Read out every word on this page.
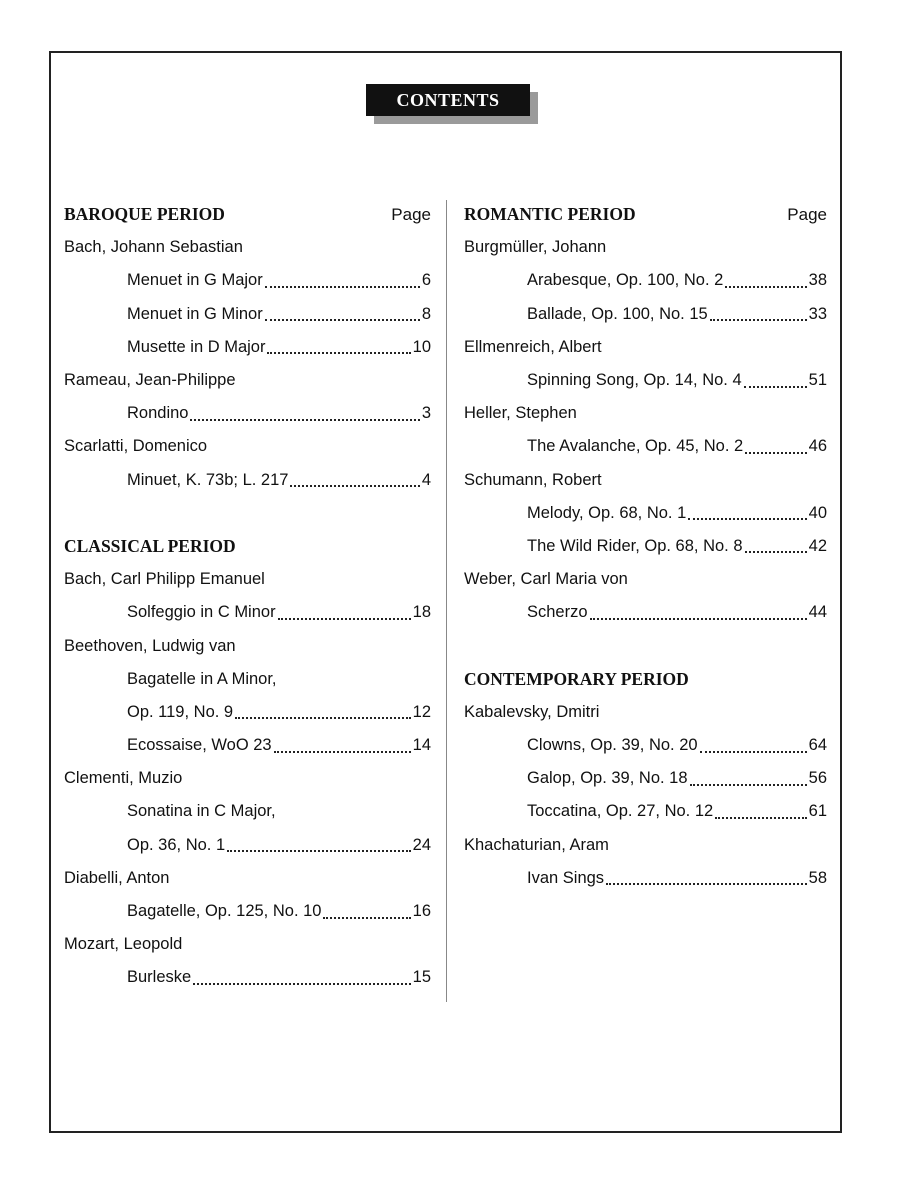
CONTENTS
BAROQUE PERIOD	Page
Bach, Johann Sebastian
Menuet in G Major	6
Menuet in G Minor	8
Musette in D Major	10
Rameau, Jean-Philippe
Rondino	3
Scarlatti, Domenico
Minuet, K. 73b; L. 217	4
CLASSICAL PERIOD
Bach, Carl Philipp Emanuel
Solfeggio in C Minor	18
Beethoven, Ludwig van
Bagatelle in A Minor,
Op. 119, No. 9	12
Ecossaise, WoO 23	14
Clementi, Muzio
Sonatina in C Major,
Op. 36, No. 1	24
Diabelli, Anton
Bagatelle, Op. 125, No. 10	16
Mozart, Leopold
Burleske	15
ROMANTIC PERIOD	Page
Burgmüller, Johann
Arabesque, Op. 100, No. 2	38
Ballade, Op. 100, No. 15	33
Ellmenreich, Albert
Spinning Song, Op. 14, No. 4	51
Heller, Stephen
The Avalanche, Op. 45, No. 2	46
Schumann, Robert
Melody, Op. 68, No. 1	40
The Wild Rider, Op. 68, No. 8	42
Weber, Carl Maria von
Scherzo	44
CONTEMPORARY PERIOD
Kabalevsky, Dmitri
Clowns, Op. 39, No. 20	64
Galop, Op. 39, No. 18	56
Toccatina, Op. 27, No. 12	61
Khachaturian, Aram
Ivan Sings	58
